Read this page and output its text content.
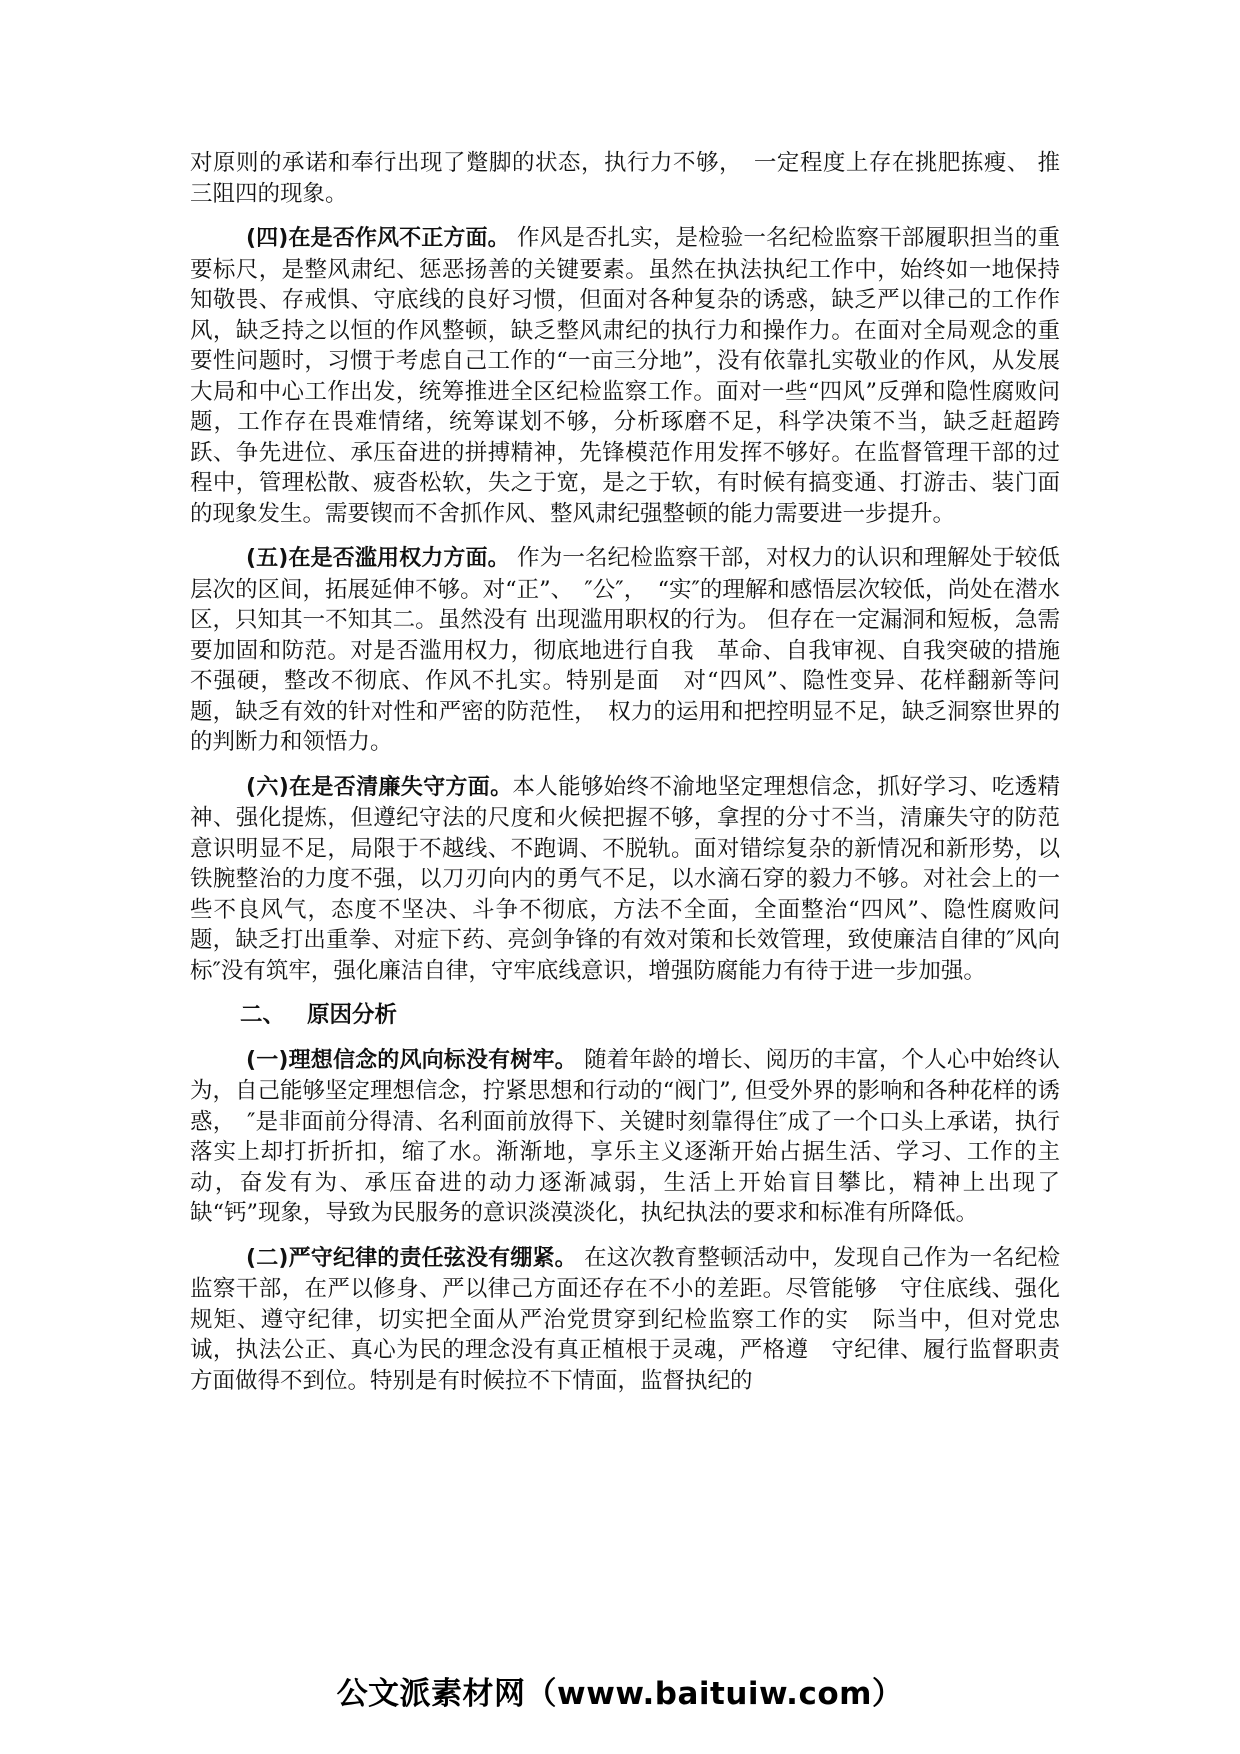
对原则的承诺和奉行出现了蹩脚的状态，执行力不够，　一定程度上存在挑肥拣瘦、 推三阻四的现象。

(四)在是否作风不正方面。 作风是否扎实，是检验一名纪检监察干部履职担当的重要标尺，是整风肃纪、惩恶扬善的关键要素。虽然在执法执纪工作中，始终如一地保持知敬畏、存戒惧、守底线的良好习惯，但面对各种复杂的诱惑，缺乏严以律己的工作作风，缺乏持之以恒的作风整顿，缺乏整风肃纪的执行力和操作力。在面对全局观念的重要性问题时，习惯于考虑自己工作的“一亩三分地”，没有依靠扎实敬业的作风，从发展大局和中心工作出发，统筹推进全区纪检监察工作。面对一些“四风”反弹和隐性腐败问题，工作存在畏难情绪，统筹谋划不够，分析琢磨不足，科学决策不当，缺乏赶超跨跃、争先进位、承压奋进的拼搏精神，先锋模范作用发挥不够好。在监督管理干部的过程中，管理松散、疲沓松软，失之于宽，是之于软，有时候有搞变通、打游击、装门面的现象发生。需要锲而不舍抓作风、整风肃纪强整顿的能力需要进一步提升。

(五)在是否滥用权力方面。 作为一名纪检监察干部，对权力的认识和理解处于较低层次的区间，拓展延伸不够。对“正”、　″公″，　“实″的理解和感悟层次较低，尚处在潜水区，只知其一不知其二。虽然没有 出现滥用职权的行为。 但存在一定漏洞和短板，急需要加固和防范。对是否滥用权力，彻底地进行自我　革命、自我审视、自我突破的措施不强硬，整改不彻底、作风不扎实。特别是面　对“四风”、隐性变异、花样翻新等问题，缺乏有效的针对性和严密的防范性，　权力的运用和把控明显不足，缺乏洞察世界的的判断力和领悟力。

(六)在是否清廉失守方面。本人能够始终不渝地坚定理想信念，抓好学习、吃透精神、强化提炼，但遵纪守法的尺度和火候把握不够，拿捏的分寸不当，清廉失守的防范意识明显不足，局限于不越线、不跑调、不脱轨。面对错综复杂的新情况和新形势，以铁腕整治的力度不强，以刀刃向内的勇气不足，以水滴石穿的毅力不够。对社会上的一些不良风气，态度不坚决、斗争不彻底，方法不全面，全面整治“四风”、隐性腐败问题，缺乏打出重拳、对症下药、亮剑争锋的有效对策和长效管理，致使廉洁自律的″风向标″没有筑牢，强化廉洁自律，守牢底线意识，增强防腐能力有待于进一步加强。

二、 原因分析

(一)理想信念的风向标没有树牢。 随着年龄的增长、阅历的丰富，个人心中始终认为，自己能够坚定理想信念，拧紧思想和行动的“阀门”, 但受外界的影响和各种花样的诱惑，　″是非面前分得清、名利面前放得下、关键时刻靠得住″成了一个口头上承诺，执行落实上却打折折扣，缩了水。渐渐地，享乐主义逐渐开始占据生活、学习、工作的主动，奋发有为、承压奋进的动力逐渐减弱，生活上开始盲目攀比，精神上出现了缺“钙”现象，导致为民服务的意识淡漠淡化，执纪执法的要求和标准有所降低。

(二)严守纪律的责任弦没有绷紧。 在这次教育整顿活动中，发现自己作为一名纪检监察干部，在严以修身、严以律己方面还存在不小的差距。尽管能够　守住底线、强化规矩、遵守纪律，切实把全面从严治党贯穿到纪检监察工作的实　际当中，但对党忠诚，执法公正、真心为民的理念没有真正植根于灵魂，严格遵　守纪律、履行监督职责方面做得不到位。特别是有时候拉不下情面，监督执纪的

公文派素材网（www.baituiw.com）
